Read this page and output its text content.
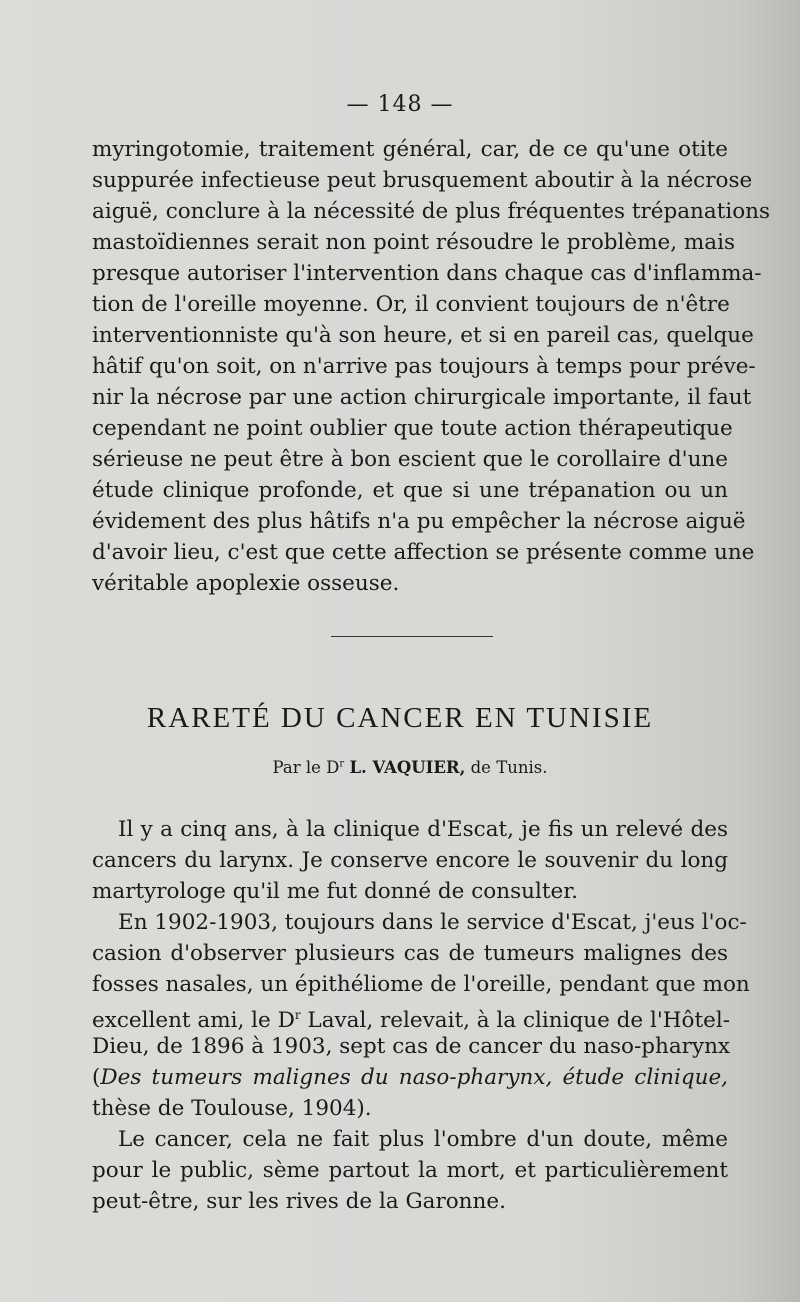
— 148 —
myringotomie, traitement général, car, de ce qu'une otite
suppurée infectieuse peut brusquement aboutir à la nécrose
aiguë, conclure à la nécessité de plus fréquentes trépanations
mastoïdiennes serait non point résoudre le problème, mais
presque autoriser l'intervention dans chaque cas d'inflamma-
tion de l'oreille moyenne. Or, il convient toujours de n'être
interventionniste qu'à son heure, et si en pareil cas, quelque
hâtif qu'on soit, on n'arrive pas toujours à temps pour préve-
nir la nécrose par une action chirurgicale importante, il faut
cependant ne point oublier que toute action thérapeutique
sérieuse ne peut être à bon escient que le corollaire d'une
étude clinique profonde, et que si une trépanation ou un
évidement des plus hâtifs n'a pu empêcher la nécrose aiguë
d'avoir lieu, c'est que cette affection se présente comme une
véritable apoplexie osseuse.
RARETÉ DU CANCER EN TUNISIE
Par le $D^r$ L. VAQUIER, de Tunis.
Il y a cinq ans, à la clinique d'Escat, je fis un relevé des
cancers du larynx. Je conserve encore le souvenir du long
martyrologe qu'il me fut donné de consulter.
En 1902-1903, toujours dans le service d'Escat, j'eus l'oc-
casion d'observer plusieurs cas de tumeurs malignes des
fosses nasales, un épithéliome de l'oreille, pendant que mon
excellent ami, le $D^r$ Laval, relevait, à la clinique de l'Hôtel-
Dieu, de 1896 à 1903, sept cas de cancer du naso-pharynx
(Des tumeurs malignes du naso-pharynx, étude clinique,
thèse de Toulouse, 1904).
Le cancer, cela ne fait plus l'ombre d'un doute, même
pour le public, sème partout la mort, et particulièrement
peut-être, sur les rives de la Garonne.
